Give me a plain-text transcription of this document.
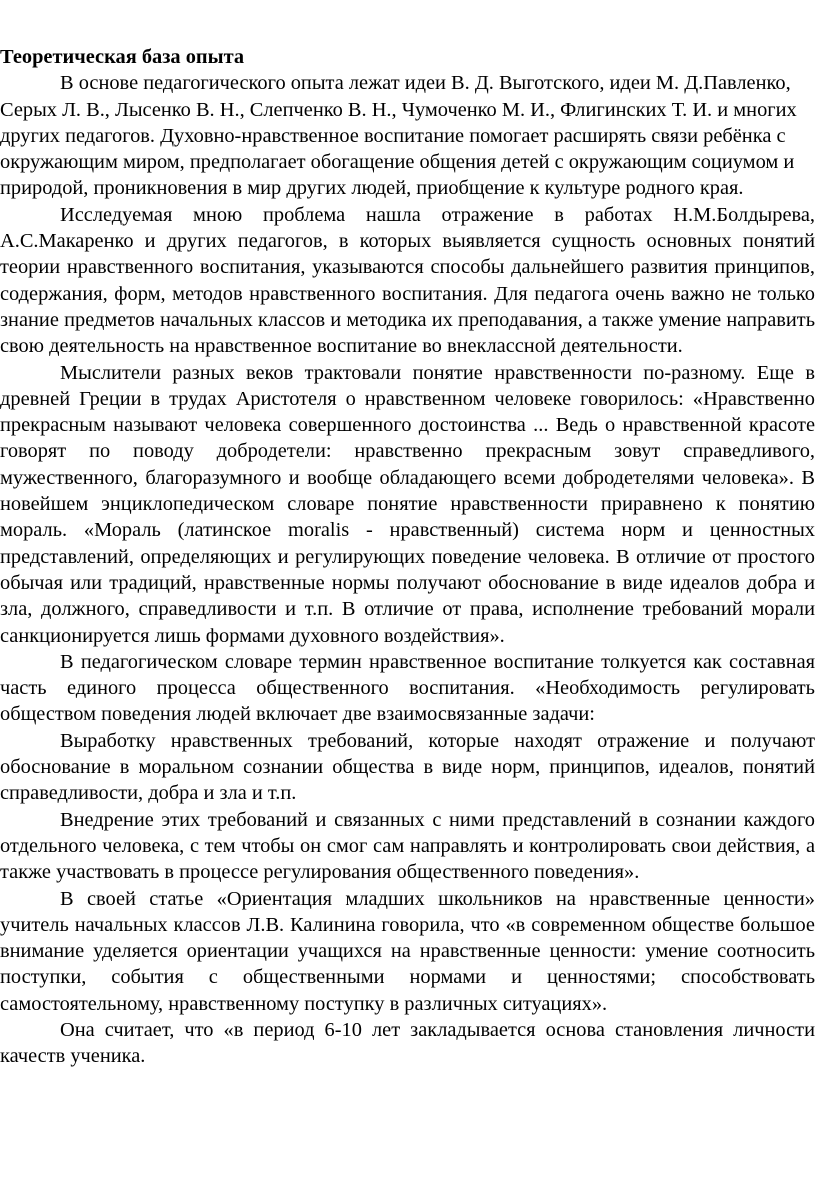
Теоретическая база опыта

В основе педагогического опыта лежат идеи В. Д. Выготского, идеи М. Д.Павленко, Серых Л. В., Лысенко В. Н., Слепченко В. Н., Чумоченко М. И., Флигинских Т. И. и многих других педагогов. Духовно-нравственное воспитание помогает расширять связи ребёнка с окружающим миром, предполагает обогащение общения детей с окружающим социумом и природой, проникновения в мир других людей, приобщение к культуре родного края.

Исследуемая мною проблема нашла отражение в работах Н.М.Болдырева, А.С.Макаренко и других педагогов, в которых выявляется сущность основных понятий теории нравственного воспитания, указываются способы дальнейшего развития принципов, содержания, форм, методов нравственного воспитания. Для педагога очень важно не только знание предметов начальных классов и методика их преподавания, а также умение направить свою деятельность на нравственное воспитание во внеклассной деятельности.

Мыслители разных веков трактовали понятие нравственности по-разному. Еще в древней Греции в трудах Аристотеля о нравственном человеке говорилось: «Нравственно прекрасным называют человека совершенного достоинства ... Ведь о нравственной красоте говорят по поводу добродетели: нравственно прекрасным зовут справедливого, мужественного, благоразумного и вообще обладающего всеми добродетелями человека». В новейшем энциклопедическом словаре понятие нравственности приравнено к понятию мораль. «Мораль (латинское moralis - нравственный) система норм и ценностных представлений, определяющих и регулирующих поведение человека. В отличие от простого обычая или традиций, нравственные нормы получают обоснование в виде идеалов добра и зла, должного, справедливости и т.п. В отличие от права, исполнение требований морали санкционируется лишь формами духовного воздействия».

В педагогическом словаре термин нравственное воспитание толкуется как составная часть единого процесса общественного воспитания. «Необходимость регулировать обществом поведения людей включает две взаимосвязанные задачи:

Выработку нравственных требований, которые находят отражение и получают обоснование в моральном сознании общества в виде норм, принципов, идеалов, понятий справедливости, добра и зла и т.п.

Внедрение этих требований и связанных с ними представлений в сознании каждого отдельного человека, с тем чтобы он смог сам направлять и контролировать свои действия, а также участвовать в процессе регулирования общественного поведения».

В своей статье «Ориентация младших школьников на нравственные ценности» учитель начальных классов Л.В. Калинина говорила, что «в современном обществе большое внимание уделяется ориентации учащихся на нравственные ценности: умение соотносить поступки, события с общественными нормами и ценностями; способствовать самостоятельному, нравственному поступку в различных ситуациях».

Она считает, что «в период 6-10 лет закладывается основа становления личности качеств ученика.
